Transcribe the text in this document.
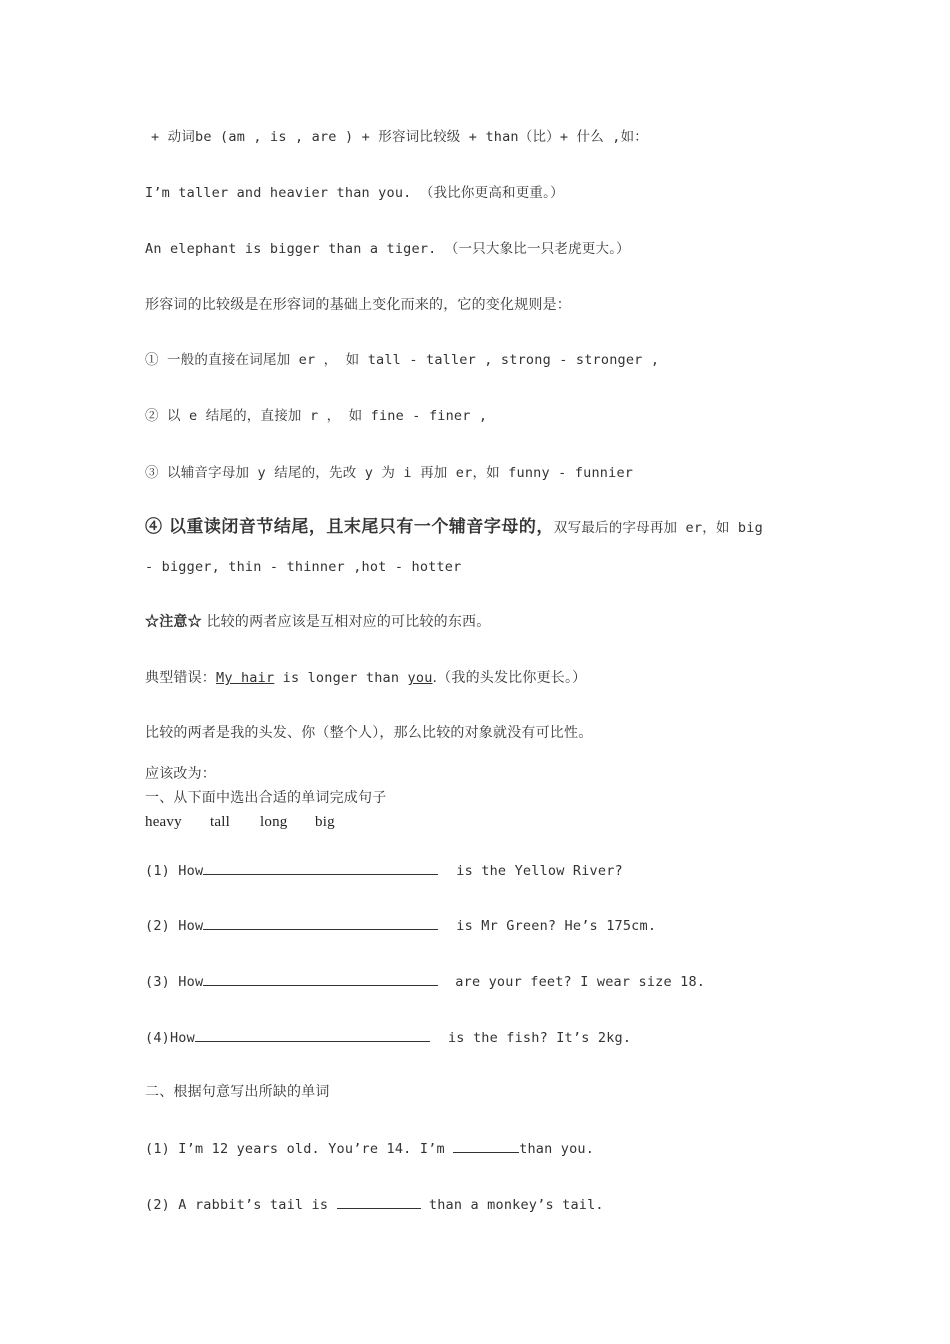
+ 动词be (am , is , are ) + 形容词比较级 + than（比）+ 什么 ,如：
I’m taller and heavier than you. （我比你更高和更重。）
An elephant is bigger than a tiger. （一只大象比一只老虎更大。）
形容词的比较级是在形容词的基础上变化而来的，它的变化规则是：
① 一般的直接在词尾加 er ， 如 tall - taller , strong - stronger ,
② 以 e 结尾的，直接加 r ， 如 fine - finer ,
③ 以辅音字母加 y 结尾的，先改 y 为 i 再加 er，如 funny - funnier
④ 以重读闭音节结尾，且末尾只有一个辅音字母的，双写最后的字母再加 er，如 big
- bigger, thin - thinner ,hot - hotter
☆注意☆ 比较的两者应该是互相对应的可比较的东西。
典型错误：My hair is longer than you.（我的头发比你更长。）
比较的两者是我的头发、你（整个人），那么比较的对象就没有可比性。
应该改为：
一、从下面中选出合适的单词完成句子
heavy tall long big
(1) How	is the Yellow River?
(2) How	is Mr Green? He’s 175cm.
(3) How	are your feet? I wear size 18.
(4)How	is the fish? It’s 2kg.
二、根据句意写出所缺的单词
(1) I’m 12 years old. You’re 14. I’m	than you.
(2) A rabbit’s tail is	than a monkey’s tail.
